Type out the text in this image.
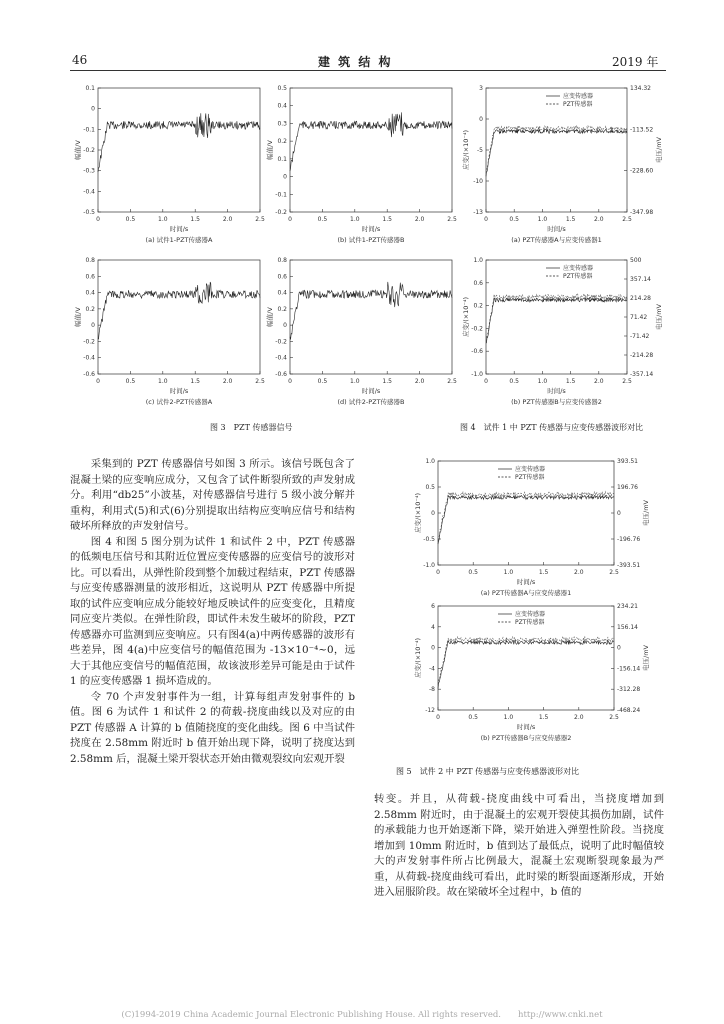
46	建 筑 结 构	2019 年
0.1
0
-0.1
-0.2
-0.3
-0.4
-0.5
0	0.5	1.0	1.5	2.0	2.5
时间/s
幅值/V
(a) 试件1-PZT传感器A
0.5
0.4
0.3
0.2
0.1
0
-0.1
-0.2
0	0.5	1.0	1.5	2.0	2.5
时间/s
幅值/V
(b) 试件1-PZT传感器B
3
0
-5
-10
-13
134.32
-113.52
-228.60
-347.98
0	0.5	1.0	1.5	2.0	2.5
时间/s
应变/(×10⁻⁴)	电压/mV
(a) PZT传感器A与应变传感器1
应变传感器
PZT传感器
0.8
0.6
0.4
0.2
0
-0.2
-0.4
-0.6
0	0.5	1.0	1.5	2.0	2.5
时间/s
幅值/V
(c) 试件2-PZT传感器A
0.8
0.6
0.4
0.2
0
-0.2
-0.4
-0.6
0	0.5	1.0	1.5	2.0	2.5
时间/s
幅值/V
(d) 试件2-PZT传感器B
1.0
0.6
0.2
-0.2
-0.6
-1.0
500
357.14
214.28
71.42
-71.42
-214.28
-357.14
0	0.5	1.0	1.5	2.0	2.5
时间/s
应变/(×10⁻⁴)	电压/mV
(b) PZT传感器B与应变传感器2
应变传感器
PZT传感器
图 3　PZT 传感器信号	图 4　试件 1 中 PZT 传感器与应变传感器波形对比
1.0
0.5
0
-0.5
-1.0
393.51
196.76
0
-196.76
-393.51
0	0.5	1.0	1.5	2.0	2.5
时间/s
应变/(×10⁻⁴)	电压/mV
(a) PZT传感器A与应变传感器1
应变传感器
PZT传感器
6
4
0
-4
-8
-12
234.21
156.14
0
-156.14
-312.28
-468.24
0	0.5	1.0	1.5	2.0	2.5
时间/s
应变/(×10⁻⁴)	电压/mV
(b) PZT传感器B与应变传感器2
应变传感器
PZT传感器
图 5　试件 2 中 PZT 传感器与应变传感器波形对比

采集到的 PZT 传感器信号如图 3 所示。该信号既包含了混凝土梁的应变响应成分，又包含了试件断裂所致的声发射成分。利用“db25”小波基，对传感器信号进行 5 级小波分解并重构，利用式(5)和式(6)分别提取出结构应变响应信号和结构破坏所释放的声发射信号。

图 4 和图 5 图分别为试件 1 和试件 2 中，PZT 传感器的低频电压信号和其附近位置应变传感器的应变信号的波形对比。可以看出，从弹性阶段到整个加载过程结束，PZT 传感器与应变传感器测量的波形相近，这说明从 PZT 传感器中所提取的试件应变响应成分能较好地反映试件的应变变化，且精度同应变片类似。在弹性阶段，即试件未发生破坏的阶段，PZT 传感器亦可监测到应变响应。只有图4(a)中两传感器的波形有些差异，图 4(a)中应变信号的幅值范围为 -13×10⁻⁴~0，远大于其他应变信号的幅值范围，故该波形差异可能是由于试件 1 的应变传感器 1 损坏造成的。

令 70 个声发射事件为一组，计算每组声发射事件的 b 值。图 6 为试件 1 和试件 2 的荷载-挠度曲线以及对应的由 PZT 传感器 A 计算的 b 值随挠度的变化曲线。图 6 中当试件挠度在 2.58mm 附近时 b 值开始出现下降，说明了挠度达到 2.58mm 后，混凝土梁开裂状态开始由微观裂纹向宏观开裂

转变。并且，从荷载-挠度曲线中可看出，当挠度增加到 2.58mm 附近时，由于混凝土的宏观开裂使其损伤加剧，试件的承载能力也开始逐渐下降，梁开始进入弹塑性阶段。当挠度增加到 10mm 附近时，b 值到达了最低点，说明了此时幅值较大的声发射事件所占比例最大，混凝土宏观断裂现象最为严重，从荷载-挠度曲线可看出，此时梁的断裂面逐渐形成，开始进入屈服阶段。故在梁破坏全过程中，b 值的

(C)1994-2019 China Academic Journal Electronic Publishing House. All rights reserved.　　http://www.cnki.net
